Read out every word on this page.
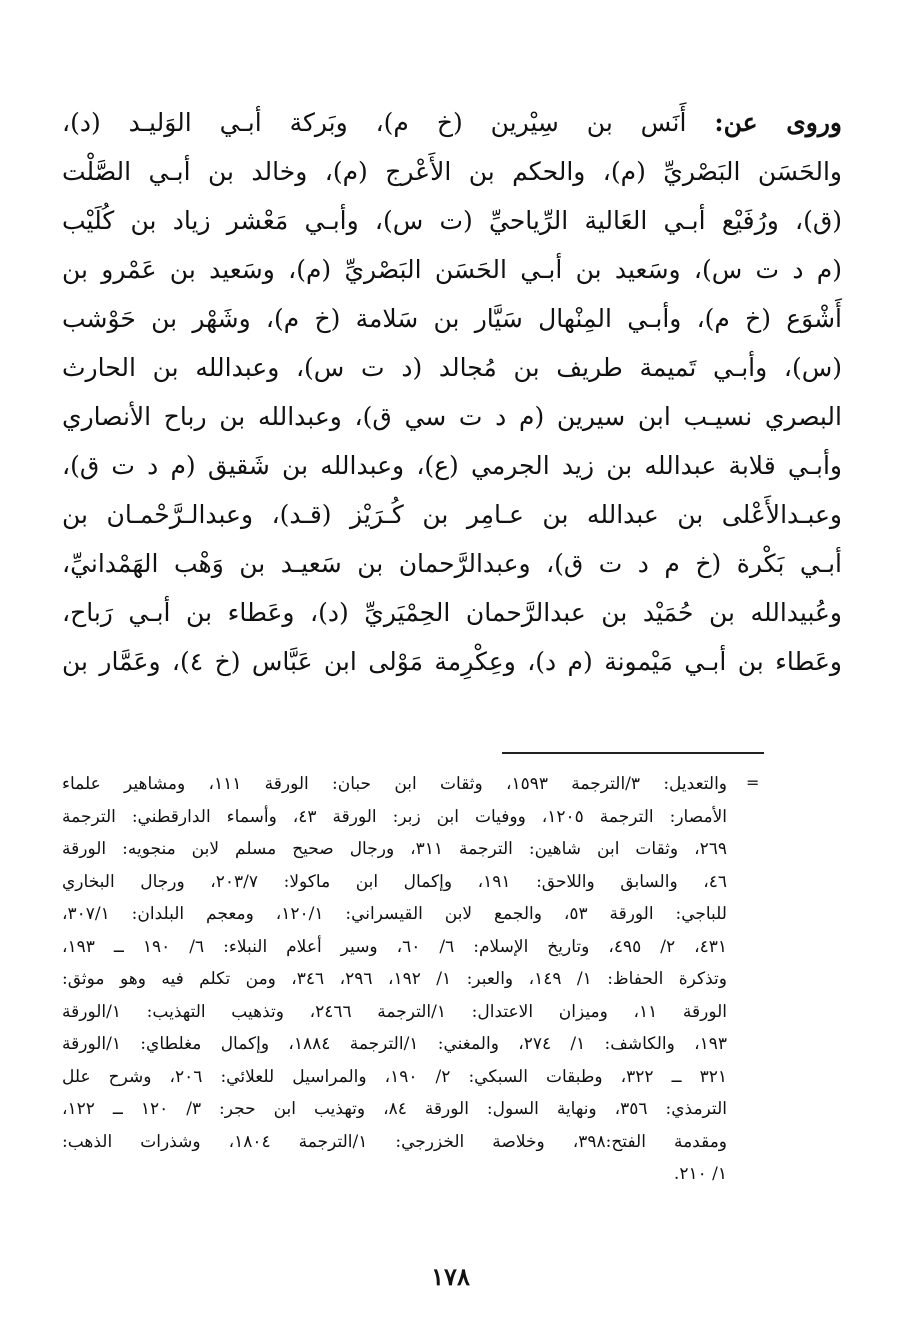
وروى عن: أَنَس بن سِيْرين (خ م)، وبَركة أبـي الوَليـد (د)،
والحَسَن البَصْريِّ (م)، والحكم بن الأَعْرج (م)، وخالد بن أبـي الصَّلْت
(ق)، ورُفَيْع أبـي العَالية الرِّياحيِّ (ت س)، وأبـي مَعْشر زياد بن كُلَيْب
(م د ت س)، وسَعيد بن أبـي الحَسَن البَصْريِّ (م)، وسَعيد بن عَمْرو بن
أَشْوَع (خ م)، وأبـي المِنْهال سَيَّار بن سَلامة (خ م)، وشَهْر بن حَوْشب
(س)، وأبـي تَميمة طريف بن مُجالد (د ت س)، وعبدالله بن الحارث
البصري نسيـب ابن سيرين (م د ت سي ق)، وعبدالله بن رباح الأنصاري
وأبـي قلابة عبدالله بن زيد الجرمي (ع)، وعبدالله بن شَقيق (م د ت ق)،
وعبـدالأَعْلى بن عبدالله بن عـامِر بن كُـرَيْز (قـد)، وعبدالـرَّحْمـان بن
أبـي بَكْرة (خ م د ت ق)، وعبدالرَّحمان بن سَعيـد بن وَهْب الهَمْدانيِّ،
وعُبيدالله بن حُمَيْد بن عبدالرَّحمان الحِمْيَريِّ (د)، وعَطاء بن أبـي رَباح،
وعَطاء بن أبـي مَيْمونة (م د)، وعِكْرِمة مَوْلى ابن عَبَّاس (خ ٤)، وعَمَّار بن
=
والتعديل: ٣/الترجمة ١٥٩٣، وثقات ابن حبان: الورقة ١١١، ومشاهير علماء
الأمصار: الترجمة ١٢٠٥، ووفيات ابن زبر: الورقة ٤٣، وأسماء الدارقطني: الترجمة
٢٦٩، وثقات ابن شاهين: الترجمة ٣١١، ورجال صحيح مسلم لابن منجويه: الورقة
٤٦، والسابق واللاحق: ١٩١، وإكمال ابن ماكولا: ٢٠٣/٧، ورجال البخاري
للباجي: الورقة ٥٣، والجمع لابن القيسراني: ١٢٠/١، ومعجم البلدان: ٣٠٧/١،
٤٣١، ٢/ ٤٩٥، وتاريخ الإسلام: ٦/ ٦٠، وسير أعلام النبلاء: ٦/ ١٩٠ ــ ١٩٣،
وتذكرة الحفاظ: ١/ ١٤٩، والعبر: ١/ ١٩٢، ٢٩٦، ٣٤٦، ومن تكلم فيه وهو موثق:
الورقة ١١، وميزان الاعتدال: ١/الترجمة ٢٤٦٦، وتذهيب التهذيب: ١/الورقة
١٩٣، والكاشف: ١/ ٢٧٤، والمغني: ١/الترجمة ١٨٨٤، وإكمال مغلطاي: ١/الورقة
٣٢١ ــ ٣٢٢، وطبقات السبكي: ٢/ ١٩٠، والمراسيل للعلائي: ٢٠٦، وشرح علل
الترمذي: ٣٥٦، ونهاية السول: الورقة ٨٤، وتهذيب ابن حجر: ٣/ ١٢٠ ــ ١٢٢،
ومقدمة الفتح:٣٩٨، وخلاصة الخزرجي: ١/الترجمة ١٨٠٤، وشذرات الذهب:
١/ ٢١٠.
١٧٨
